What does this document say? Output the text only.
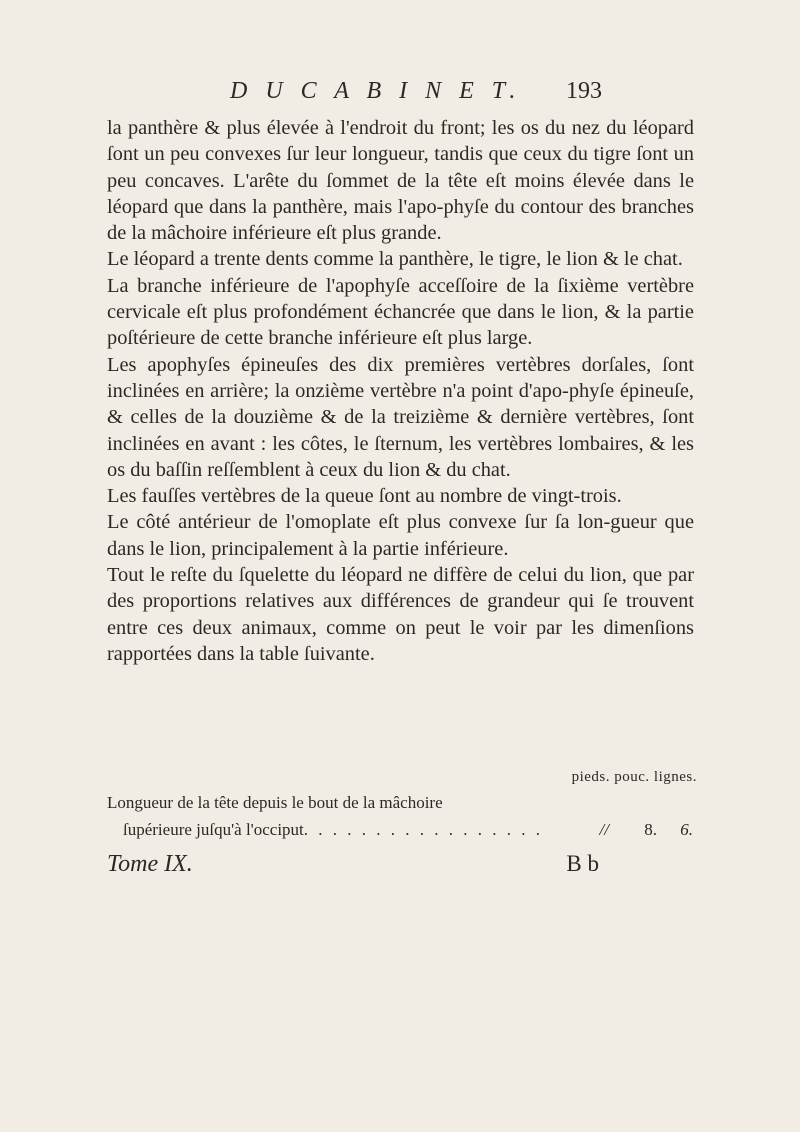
D U C A B I N E T. 193

la panthère & plus élevée à l'endroit du front; les os du nez du léopard ſont un peu convexes ſur leur longueur, tandis que ceux du tigre ſont un peu concaves. L'arête du ſommet de la tête eſt moins élevée dans le léopard que dans la panthère, mais l'apo-phyſe du contour des branches de la mâchoire inférieure eſt plus grande.

Le léopard a trente dents comme la panthère, le tigre, le lion & le chat.

La branche inférieure de l'apophyſe acceſſoire de la ſixième vertèbre cervicale eſt plus profondément échancrée que dans le lion, & la partie poſtérieure de cette branche inférieure eſt plus large.

Les apophyſes épineuſes des dix premières vertèbres dorſales, ſont inclinées en arrière; la onzième vertèbre n'a point d'apo-phyſe épineuſe, & celles de la douzième & de la treizième & dernière vertèbres, ſont inclinées en avant : les côtes, le ſternum, les vertèbres lombaires, & les os du baſſin reſſemblent à ceux du lion & du chat.

Les fauſſes vertèbres de la queue ſont au nombre de vingt-trois.

Le côté antérieur de l'omoplate eſt plus convexe ſur ſa lon-gueur que dans le lion, principalement à la partie inférieure.

Tout le reſte du ſquelette du léopard ne diffère de celui du lion, que par des proportions relatives aux différences de grandeur qui ſe trouvent entre ces deux animaux, comme on peut le voir par les dimenſions rapportées dans la table ſuivante.

pieds. pouc. lignes.
Longueur de la tête depuis le bout de la mâchoire
ſupérieure juſqu'à l'occiput. . . . . . . . . . . . . . . . .	// 8. 6.
Tome IX.	B b
